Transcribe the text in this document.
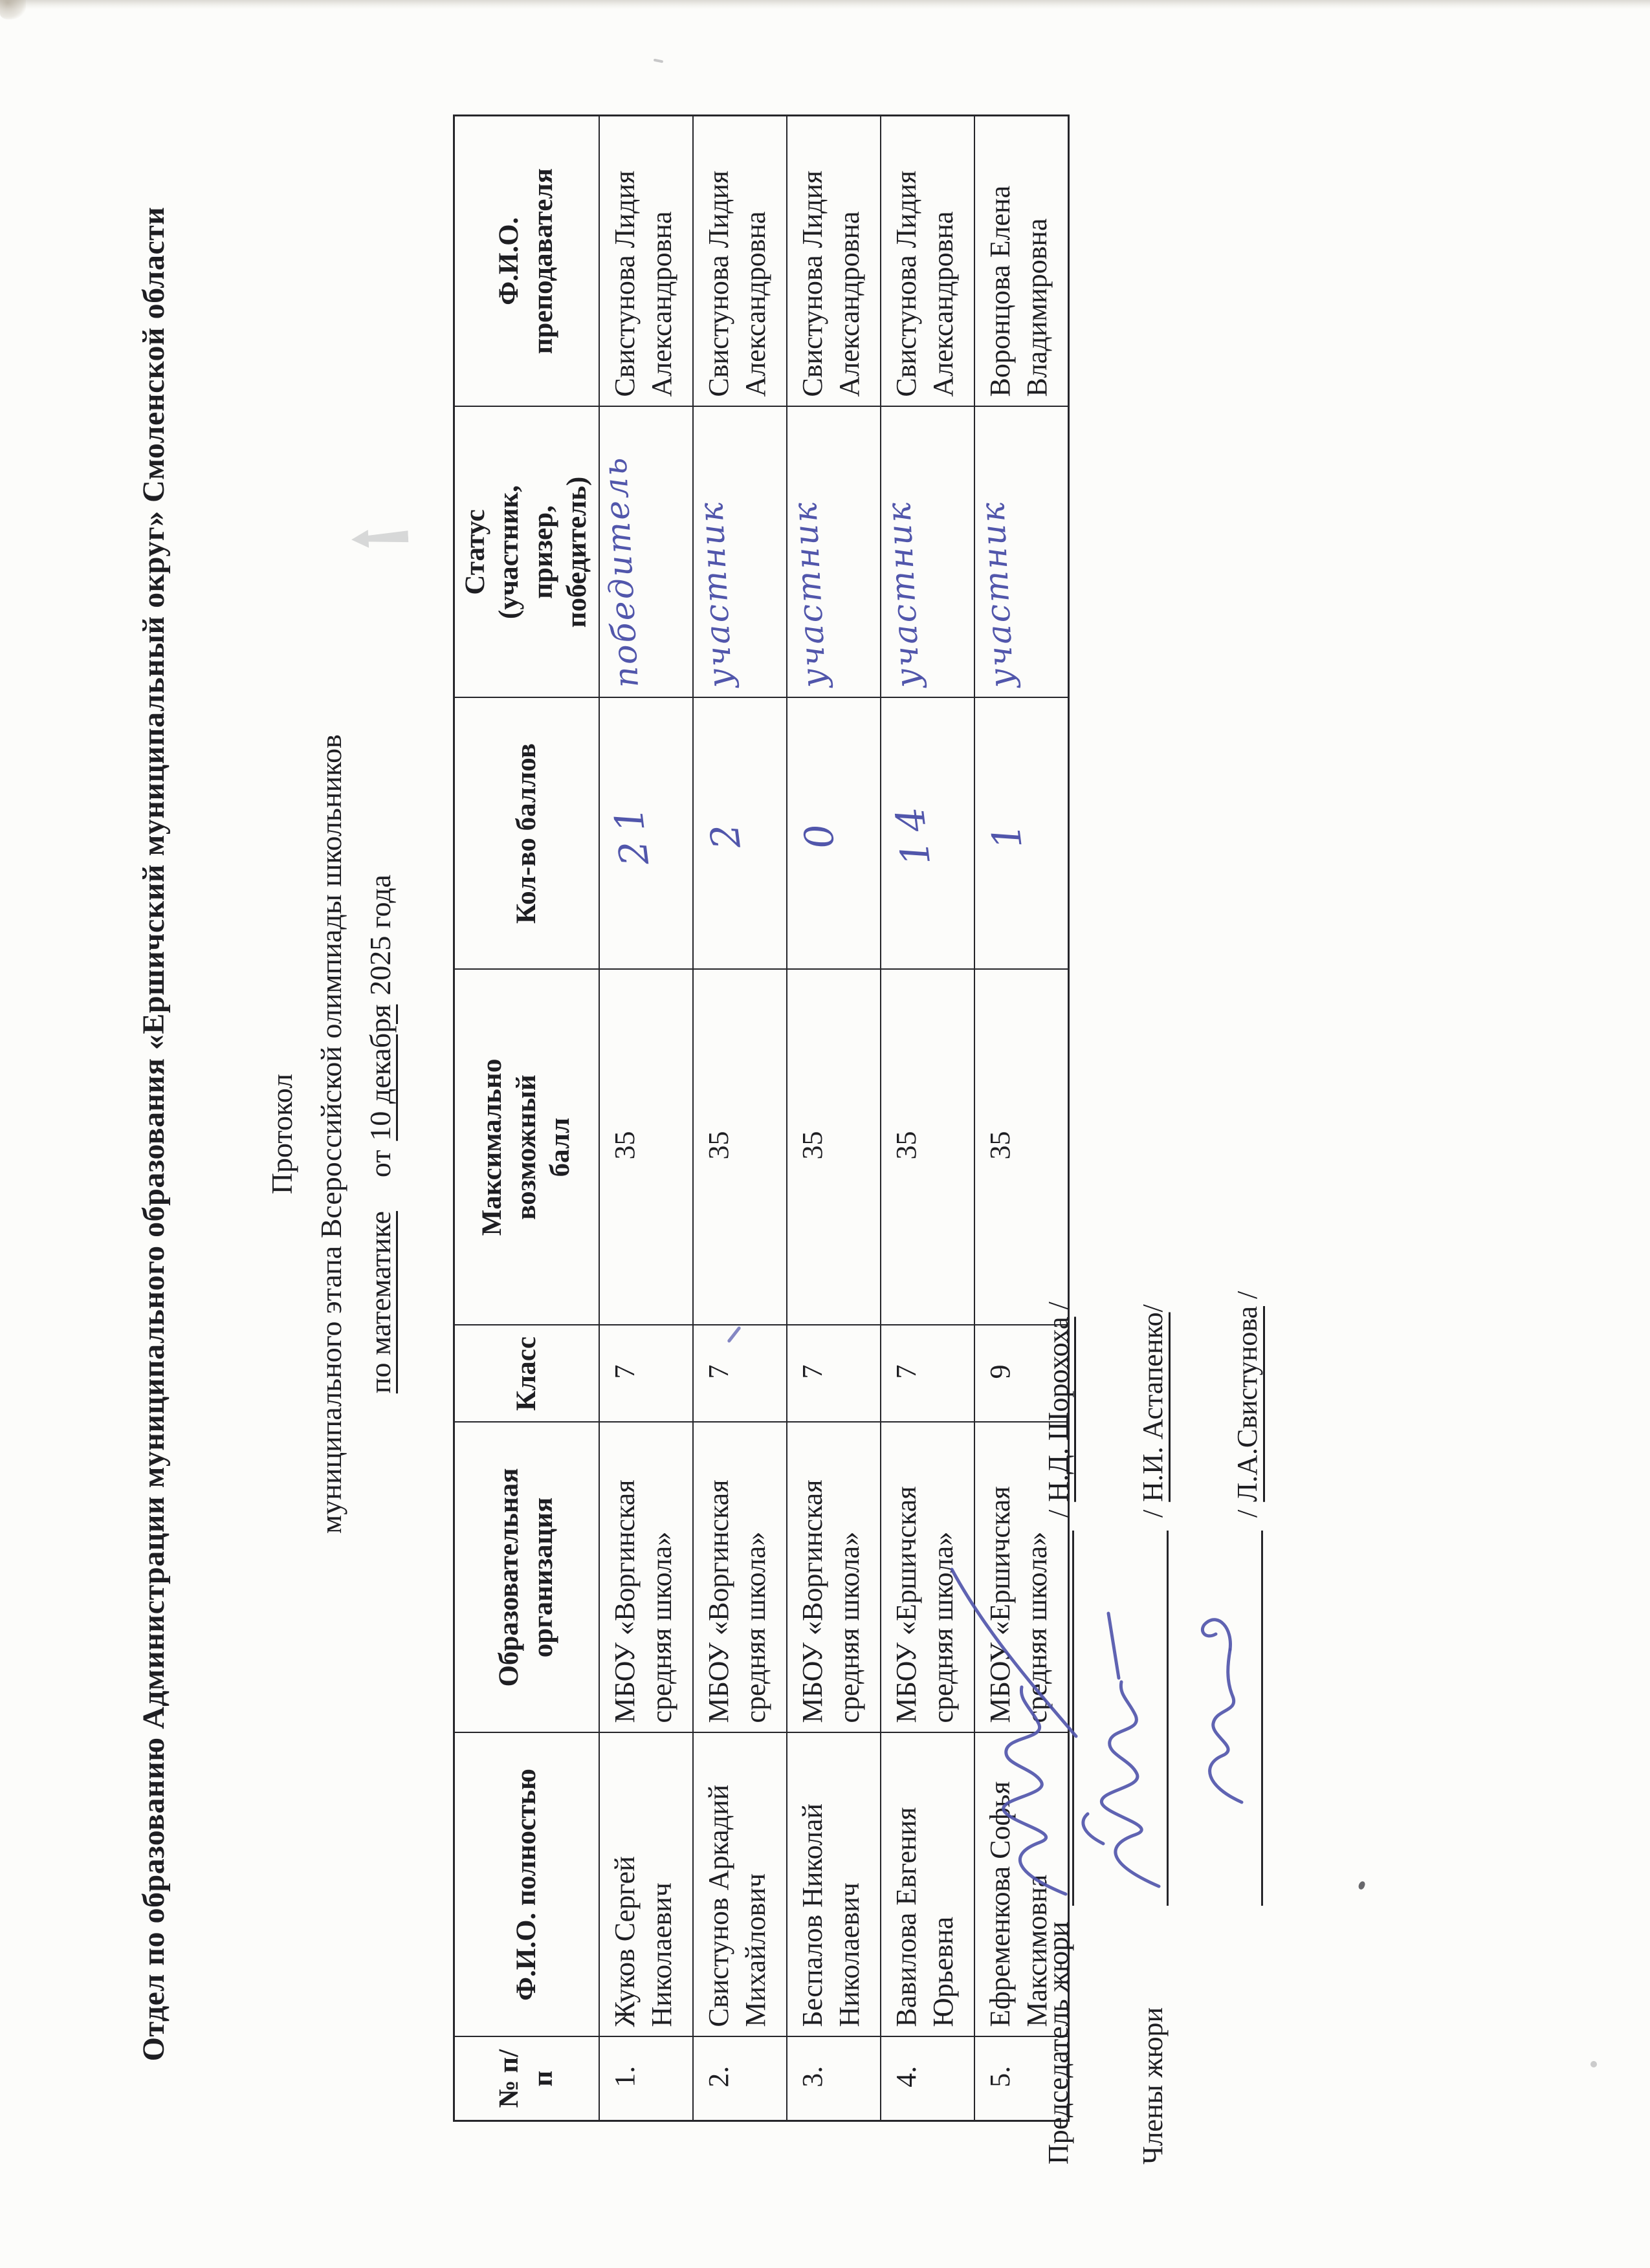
Отдел по образованию Администрации муниципального образования «Ершичский муниципальный округ» Смоленской области	Протокол муниципального этапа Всероссийской олимпиады школьников по математикеот10 декабря2025 года
№ п/п	Ф.И.О. полностью	Образовательная организация	Класс	Максимально возможный балл	Кол-во баллов	Статус (участник, призер, победитель)	Ф.И.О. преподавателя
1.	Жуков Сергей Николаевич	МБОУ «Воргинская средняя школа»	7	35	21	победитель	Свистунова Лидия Александровна
2.	Свистунов Аркадий Михайлович	МБОУ «Воргинская средняя школа»	7	35	2	участник	Свистунова Лидия Александровна
3.	Беспалов Николай Николаевич	МБОУ «Воргинская средняя школа»	7	35	0	участник	Свистунова Лидия Александровна
4.	Вавилова Евгения Юрьевна	МБОУ «Ершичская средняя школа»	7	35	14	участник	Свистунова Лидия Александровна
5.	Ефременкова Софья Максимовна	МБОУ «Ершичская средняя школа»	9	35	1	участник	Воронцова Елена Владимировна
Председатель жюри
/Н.Д. Шорохоха /
Члены жюри
/Н.И. Астапенко/
/Л.А.Свистунова /
